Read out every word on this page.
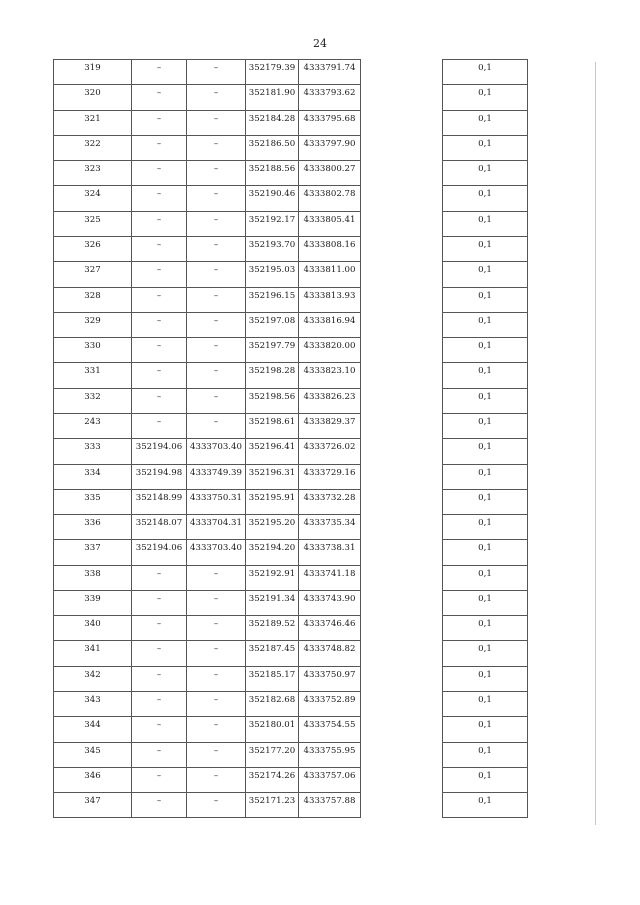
24
319	–	–	352179.39	4333791.74		0,1
320	–	–	352181.90	4333793.62		0,1
321	–	–	352184.28	4333795.68		0,1
322	–	–	352186.50	4333797.90		0,1
323	–	–	352188.56	4333800.27		0,1
324	–	–	352190.46	4333802.78		0,1
325	–	–	352192.17	4333805.41		0,1
326	–	–	352193.70	4333808.16		0,1
327	–	–	352195.03	4333811.00		0,1
328	–	–	352196.15	4333813.93		0,1
329	–	–	352197.08	4333816.94		0,1
330	–	–	352197.79	4333820.00		0,1
331	–	–	352198.28	4333823.10		0,1
332	–	–	352198.56	4333826.23		0,1
243	–	–	352198.61	4333829.37		0,1
333	352194.06	4333703.40	352196.41	4333726.02		0,1
334	352194.98	4333749.39	352196.31	4333729.16		0,1
335	352148.99	4333750.31	352195.91	4333732.28		0,1
336	352148.07	4333704.31	352195.20	4333735.34		0,1
337	352194.06	4333703.40	352194.20	4333738.31		0,1
338	–	–	352192.91	4333741.18		0,1
339	–	–	352191.34	4333743.90		0,1
340	–	–	352189.52	4333746.46		0,1
341	–	–	352187.45	4333748.82		0,1
342	–	–	352185.17	4333750.97		0,1
343	–	–	352182.68	4333752.89		0,1
344	–	–	352180.01	4333754.55		0,1
345	–	–	352177.20	4333755.95		0,1
346	–	–	352174.26	4333757.06		0,1
347	–	–	352171.23	4333757.88		0,1
